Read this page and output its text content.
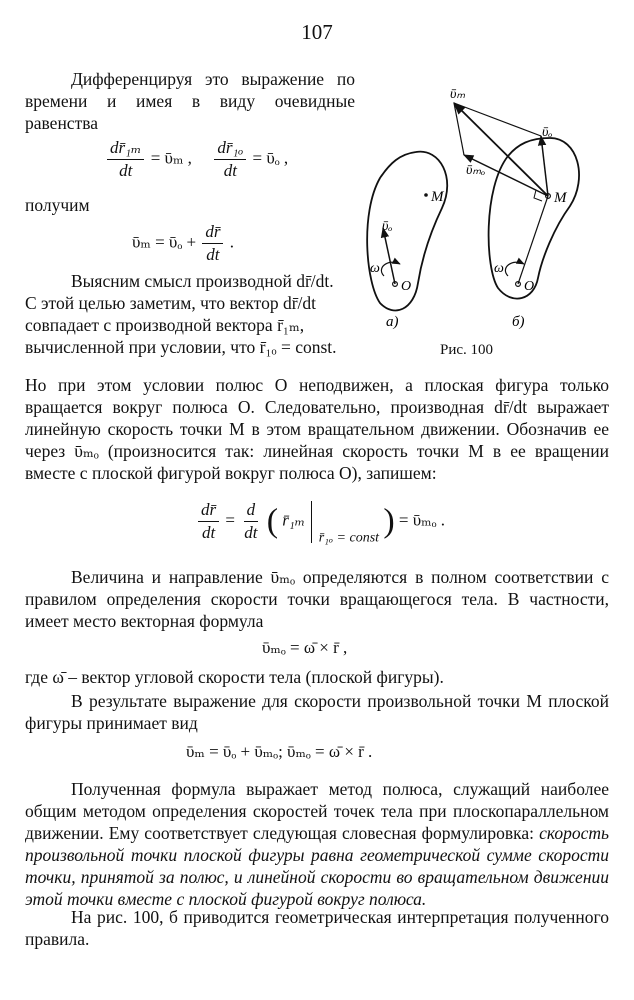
107
Дифференцируя это выражение по времени и имея в виду очевидные равенства
$\frac{\text{dr̄₁ₘ}}{dt}$ = ῡₘ , $\frac{\text{dr̄₁ₒ}}{dt}$ = ῡₒ ,
получим
ῡₘ = ῡₒ + $\frac{dr̄}{dt}$ .
Выясним смысл производной dr̄/dt.
С этой целью заметим, что вектор dr̄/dt
совпадает с производной вектора r̄₁ₘ,
вычисленной при условии, что r̄₁ₒ = const.
Но при этом условии полюс O неподвижен, а плоская фигура только вращается вокруг полюса O. Следовательно, производная dr̄/dt выражает линейную скорость точки M в этом вращательном движении. Обозначив ее через ῡₘₒ (произносится так: линейная скорость точки M в ее вращении вместе с плоской фигурой вокруг полюса O), запишем:
$\frac{dr̄}{dt} = \frac{d}{dt}$ ( r̄₁ₘ  $_{r̄_{1o} = const}$ ) = ῡₘₒ .
Величина и направление ῡₘₒ определяются в полном соответствии с правилом определения скорости точки вращающегося тела. В частности, имеет место векторная формула
ῡₘₒ = ω̄ × r̄ ,
где ω̄ – вектор угловой скорости тела (плоской фигуры).
В результате выражение для скорости произвольной точки M плоской фигуры принимает вид
ῡₘ = ῡₒ + ῡₘₒ; ῡₘₒ = ω̄ × r̄ .
Полученная формула выражает метод полюса, служащий наиболее общим методом определения скоростей точек тела при плоскопараллельном движении. Ему соответствует следующая словесная формулировка: скорость произвольной точки плоской фигуры равна геометрической сумме скорости точки, принятой за полюс, и линейной скорости во вращательном движении этой точки вместе с плоской фигурой вокруг полюса.
На рис. 100, б приводится геометрическая интерпретация полученного правила.
M
O
ῡₒ
ω
а)
M
O
ῡₘ
ῡₒ
ῡₘₒ
ω
б)
Рис. 100
